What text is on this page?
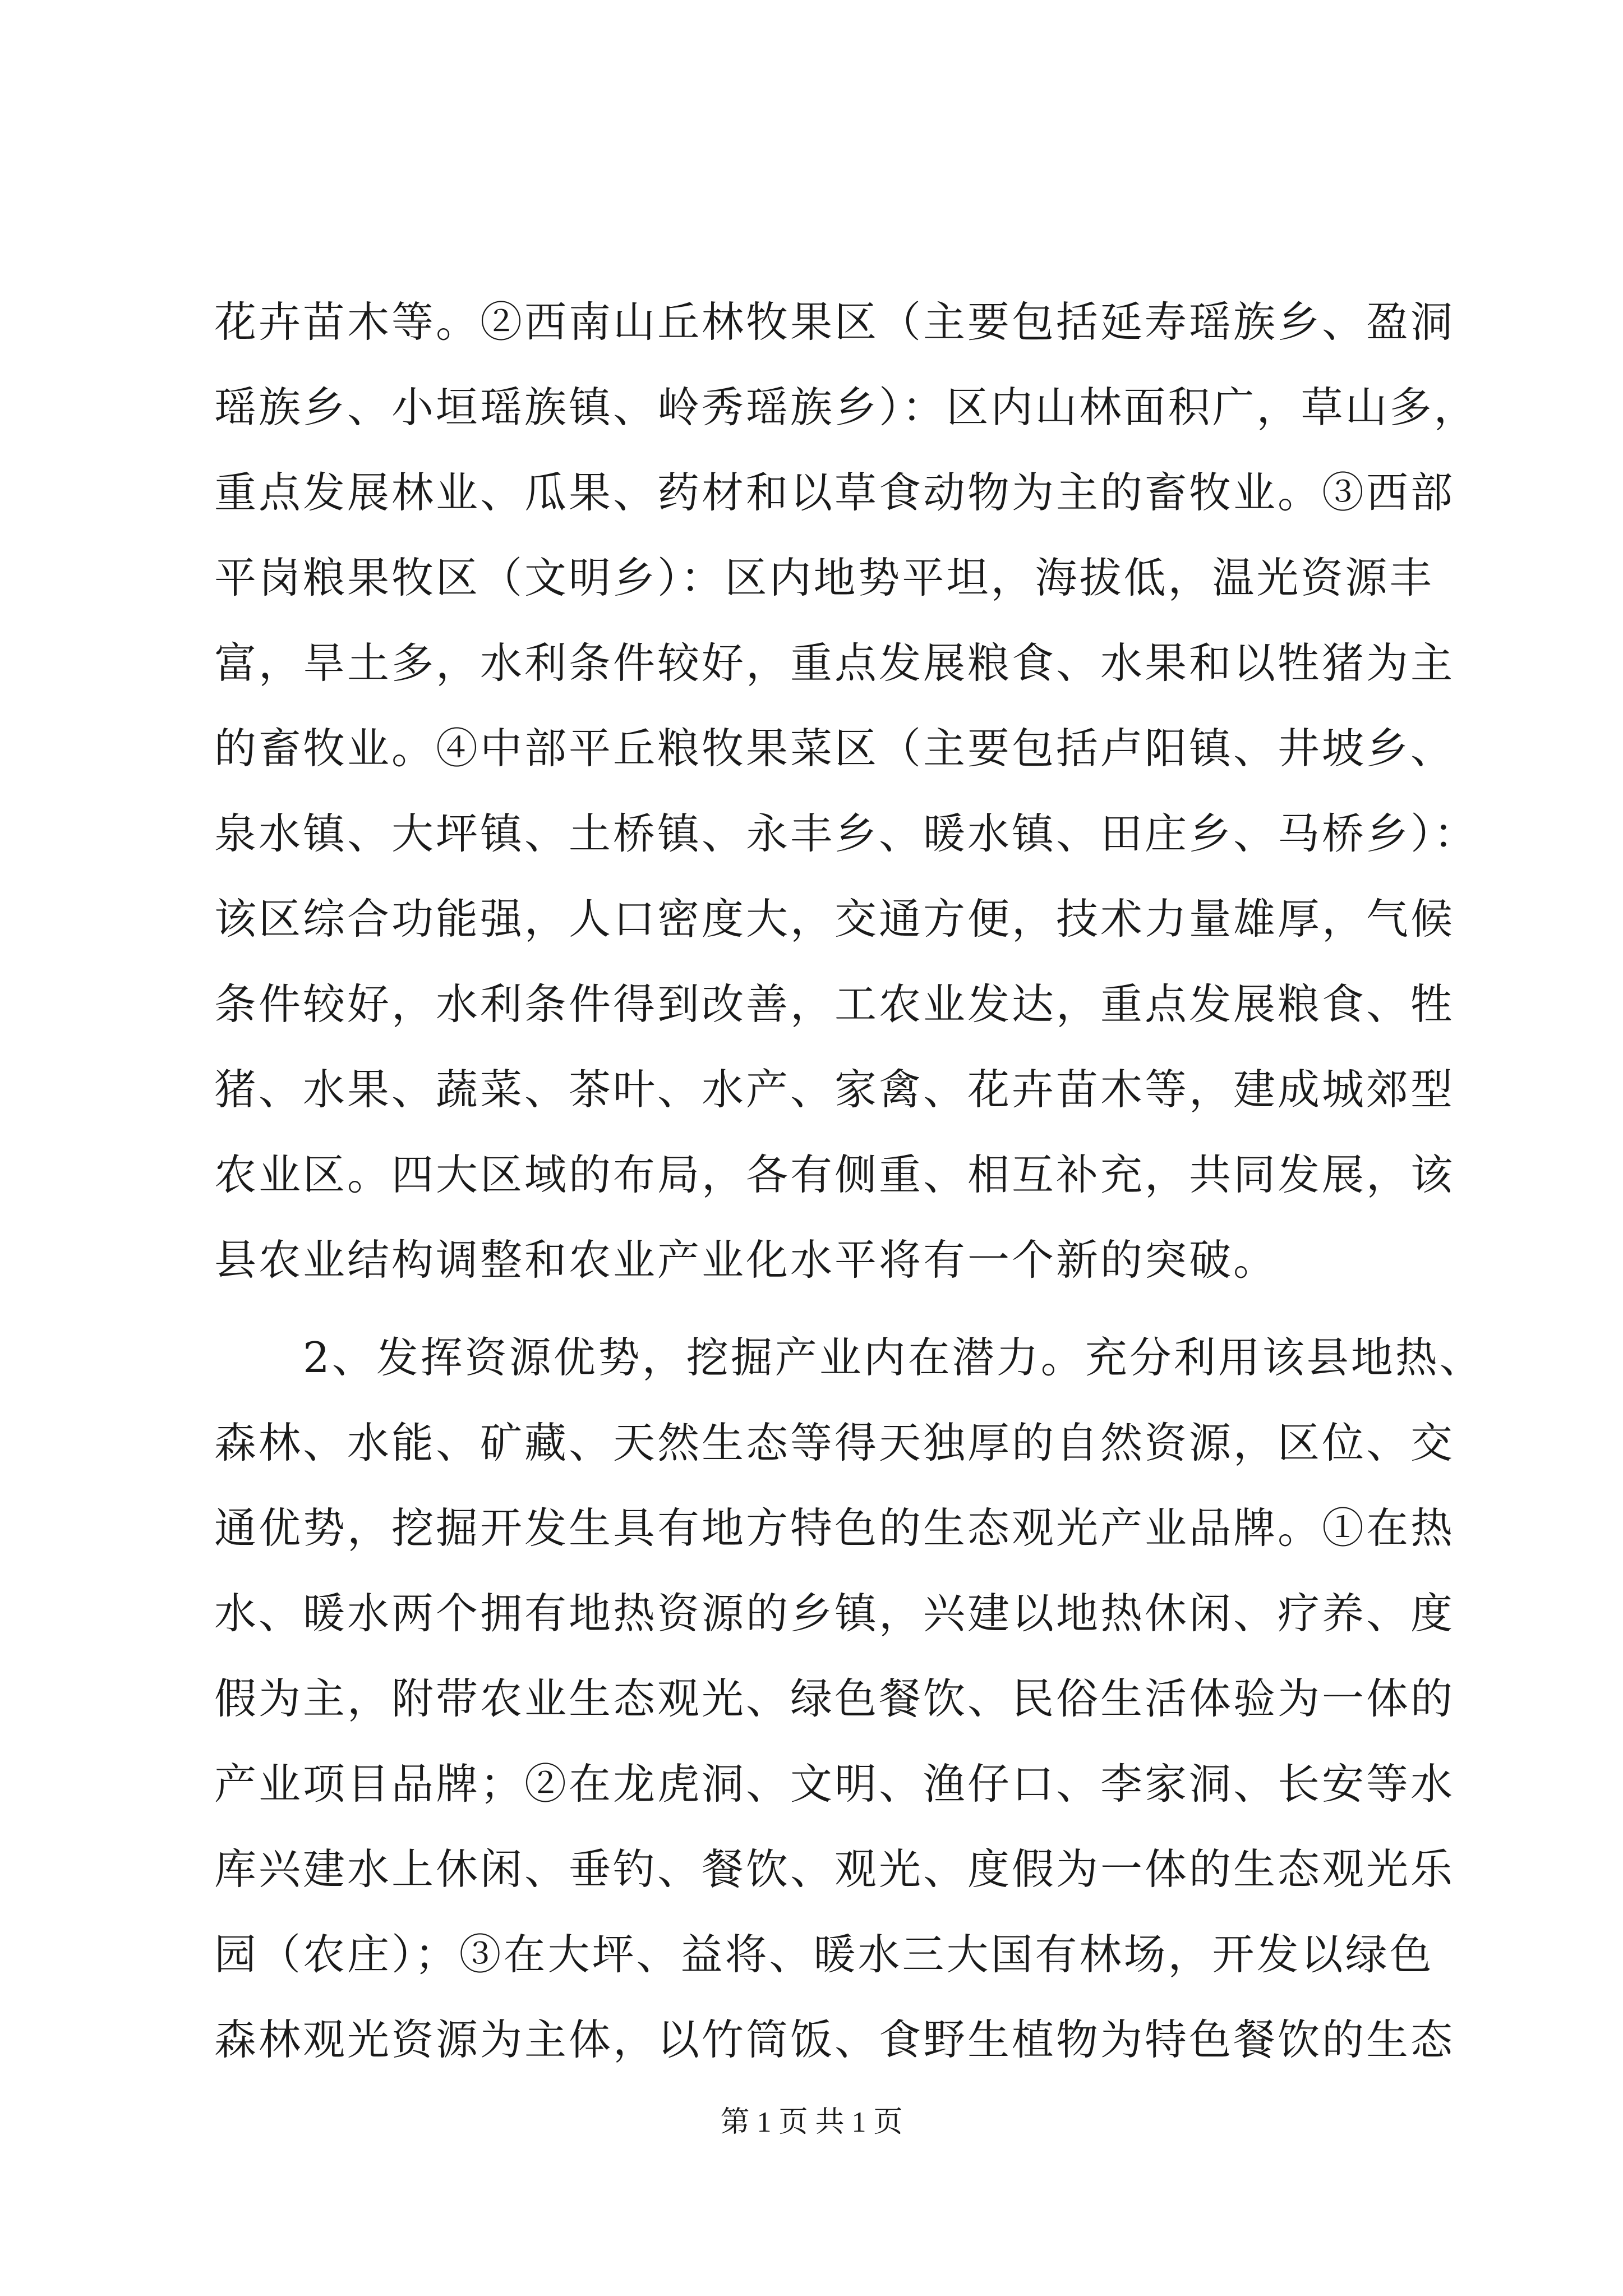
花卉苗木等。②西南山丘林牧果区（主要包括延寿瑶族乡、盈洞
瑶族乡、小垣瑶族镇、岭秀瑶族乡）：区内山林面积广，草山多，
重点发展林业、瓜果、药材和以草食动物为主的畜牧业。③西部
平岗粮果牧区（文明乡）：区内地势平坦，海拔低，温光资源丰
富，旱土多，水利条件较好，重点发展粮食、水果和以牲猪为主
的畜牧业。④中部平丘粮牧果菜区（主要包括卢阳镇、井坡乡、
泉水镇、大坪镇、土桥镇、永丰乡、暖水镇、田庄乡、马桥乡）：
该区综合功能强，人口密度大，交通方便，技术力量雄厚，气候
条件较好，水利条件得到改善，工农业发达，重点发展粮食、牲
猪、水果、蔬菜、茶叶、水产、家禽、花卉苗木等，建成城郊型
农业区。四大区域的布局，各有侧重、相互补充，共同发展，该
县农业结构调整和农业产业化水平将有一个新的突破。
　　2、发挥资源优势，挖掘产业内在潜力。充分利用该县地热、
森林、水能、矿藏、天然生态等得天独厚的自然资源，区位、交
通优势，挖掘开发生具有地方特色的生态观光产业品牌。①在热
水、暖水两个拥有地热资源的乡镇，兴建以地热休闲、疗养、度
假为主，附带农业生态观光、绿色餐饮、民俗生活体验为一体的
产业项目品牌；②在龙虎洞、文明、渔仔口、李家洞、长安等水
库兴建水上休闲、垂钓、餐饮、观光、度假为一体的生态观光乐
园（农庄）；③在大坪、益将、暖水三大国有林场，开发以绿色
森林观光资源为主体，以竹筒饭、食野生植物为特色餐饮的生态
第 1 页 共 1 页
